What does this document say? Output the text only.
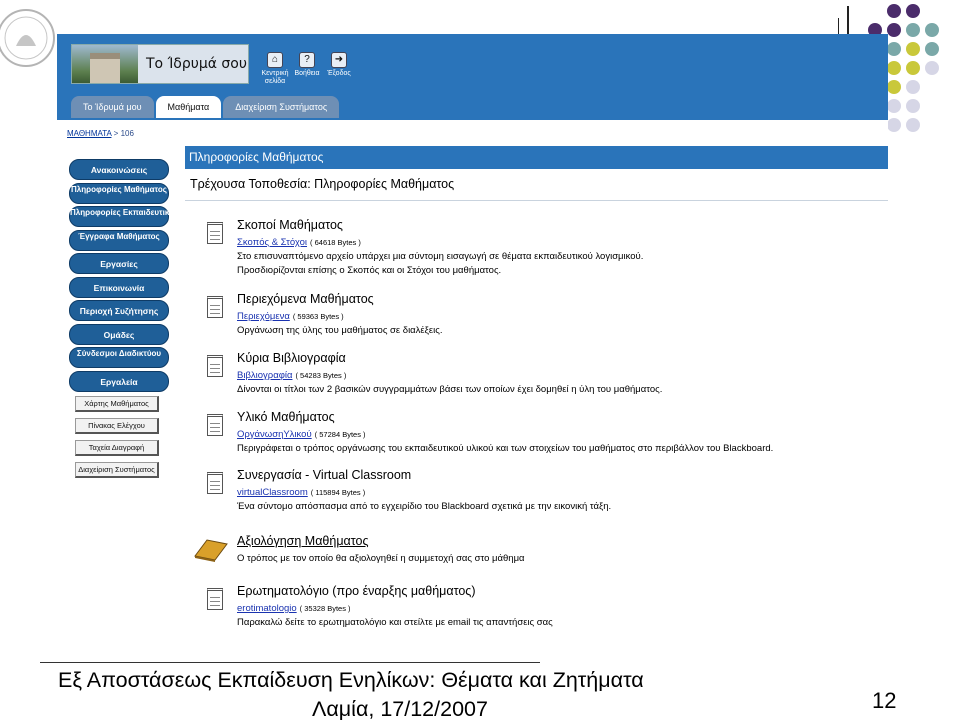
Το Ίδρυμά σου	⌂
Κεντρική σελίδα
?
Βοήθεια
➜
Έξοδος
Το Ίδρυμά μου	Μαθήματα	Διαχείριση Συστήματος
ΜΑΘΗΜΑΤΑ > 106
Ανακοινώσεις
Πληροφορίες Μαθήματος
Πληροφορίες Εκπαιδευτικών
Έγγραφα Μαθήματος
Εργασίες
Επικοινωνία
Περιοχή Συζήτησης
Ομάδες
Σύνδεσμοι Διαδικτύου
Εργαλεία
Χάρτης Μαθήματος
Πίνακας Ελέγχου
Ταχεία Διαγραφή
Διαχείριση Συστήματος
Πληροφορίες Μαθήματος
Τρέχουσα Τοποθεσία: Πληροφορίες Μαθήματος
Σκοποί Μαθήματος
Σκοπός & Στόχοι ( 64618 Bytes )
Στο επισυναπτόμενο αρχείο υπάρχει μια σύντομη εισαγωγή σε θέματα εκπαιδευτικού λογισμικού.
Προσδιορίζονται επίσης ο Σκοπός και οι Στόχοι του μαθήματος.
Περιεχόμενα Μαθήματος
Περιεχόμενα ( 59363 Bytes )
Οργάνωση της ύλης του μαθήματος σε διαλέξεις.
Κύρια Βιβλιογραφία
Βιβλιογραφία ( 54283 Bytes )
Δίνονται οι τίτλοι των 2 βασικών συγγραμμάτων βάσει των οποίων έχει δομηθεί η ύλη του μαθήματος.
Υλικό Μαθήματος
ΟργάνωσηΥλικού ( 57284 Bytes )
Περιγράφεται ο τρόπος οργάνωσης του εκπαιδευτικού υλικού και των στοιχείων του μαθήματος στο περιβάλλον του Blackboard.
Συνεργασία - Virtual Classroom
virtualClassroom ( 115894 Bytes )
Ένα σύντομο απόσπασμα από το εγχειρίδιο του Blackboard σχετικά με την εικονική τάξη.
Αξιολόγηση Μαθήματος
Ο τρόπος με τον οποίο θα αξιολογηθεί η συμμετοχή σας στο μάθημα
Ερωτηματολόγιο (προ έναρξης μαθήματος)
erotimatologio ( 35328 Bytes )
Παρακαλώ δείτε το ερωτηματολόγιο και στείλτε με email τις απαντήσεις σας
Εξ Αποστάσεως Εκπαίδευση Ενηλίκων: Θέματα και Ζητήματα
Λαμία, 17/12/2007	12
